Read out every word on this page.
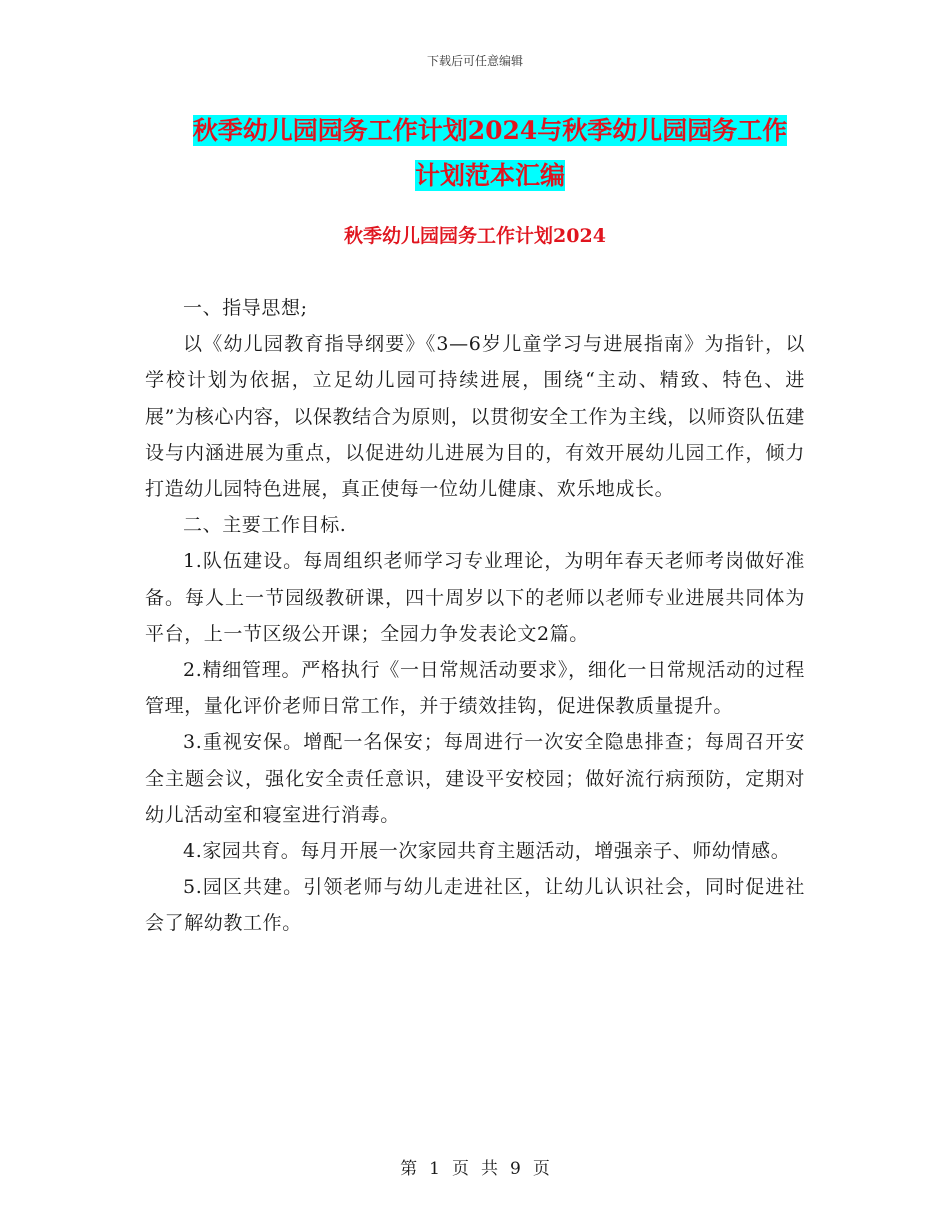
下载后可任意编辑
秋季幼儿园园务工作计划2024与秋季幼儿园园务工作
计划范本汇编
秋季幼儿园园务工作计划2024

一、指导思想;

以《幼儿园教育指导纲要》《3—6岁儿童学习与进展指南》为指针，以学校计划为依据，立足幼儿园可持续进展，围绕“主动、精致、特色、进展”为核心内容，以保教结合为原则，以贯彻安全工作为主线，以师资队伍建设与内涵进展为重点，以促进幼儿进展为目的，有效开展幼儿园工作，倾力打造幼儿园特色进展，真正使每一位幼儿健康、欢乐地成长。

二、主要工作目标.

1.队伍建设。每周组织老师学习专业理论，为明年春天老师考岗做好准备。每人上一节园级教研课，四十周岁以下的老师以老师专业进展共同体为平台，上一节区级公开课；全园力争发表论文2篇。

2.精细管理。严格执行《一日常规活动要求》，细化一日常规活动的过程管理，量化评价老师日常工作，并于绩效挂钩，促进保教质量提升。

3.重视安保。增配一名保安；每周进行一次安全隐患排查；每周召开安全主题会议，强化安全责任意识，建设平安校园；做好流行病预防，定期对幼儿活动室和寝室进行消毒。

4.家园共育。每月开展一次家园共育主题活动，增强亲子、师幼情感。

5.园区共建。引领老师与幼儿走进社区，让幼儿认识社会，同时促进社会了解幼教工作。

第 1 页 共 9 页
